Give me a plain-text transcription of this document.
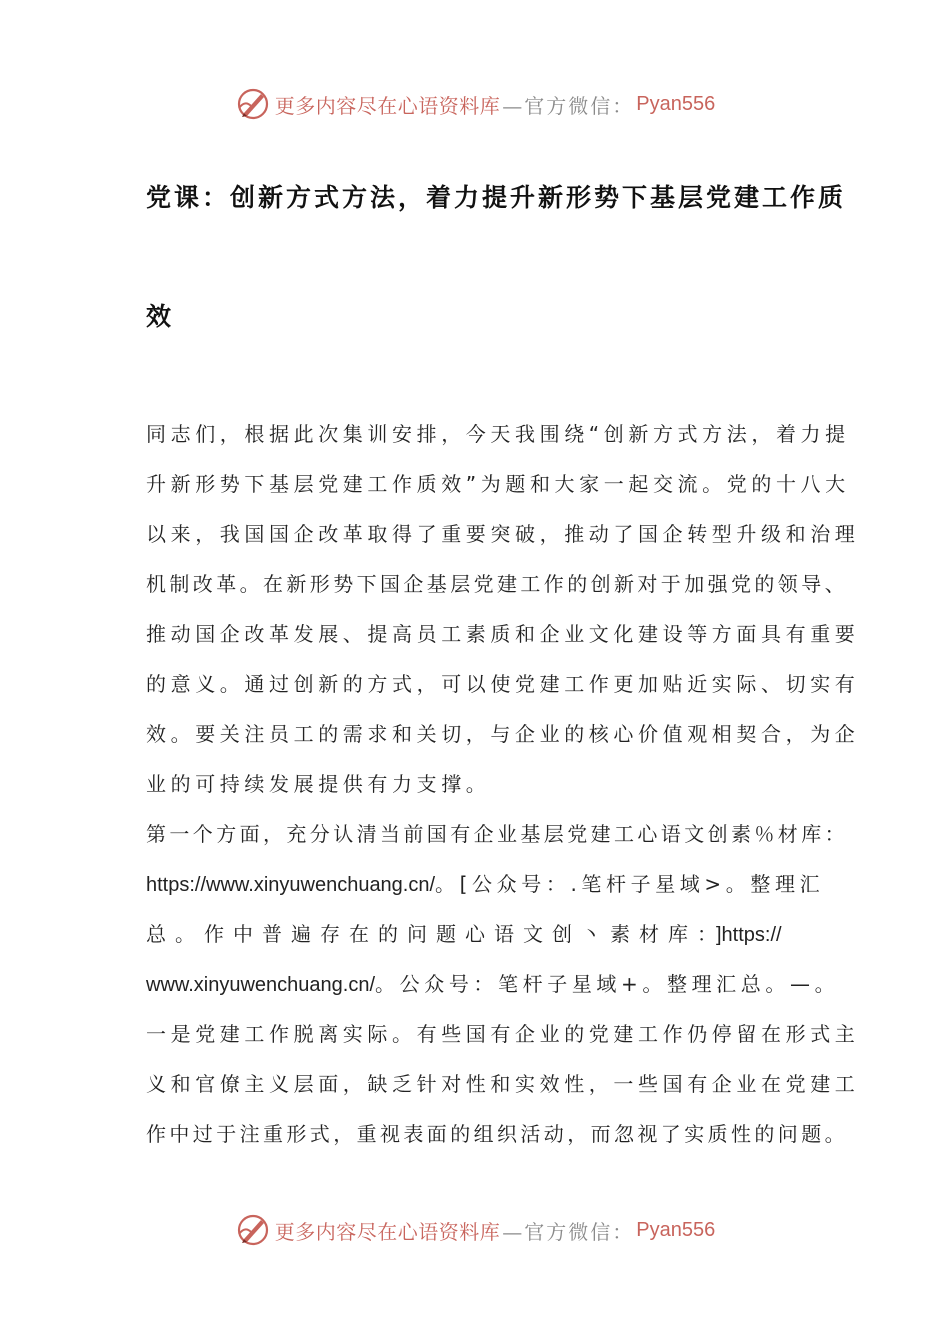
更多内容尽在心语资料库 —官方微信： Pyan556
党课：创新方式方法，着力提升新形势下基层党建工作质
效
同志们，根据此次集训安排，今天我围绕“创新方式方法，着力提
升新形势下基层党建工作质效”为题和大家一起交流。党的十八大
以来，我国国企改革取得了重要突破，推动了国企转型升级和治理
机制改革。在新形势下国企基层党建工作的创新对于加强党的领导、
推动国企改革发展、提高员工素质和企业文化建设等方面具有重要
的意义。通过创新的方式，可以使党建工作更加贴近实际、切实有
效。要关注员工的需求和关切，与企业的核心价值观相契合，为企
业的可持续发展提供有力支撑。
第一个方面，充分认清当前国有企业基层党建工心语文创素％材库：
https://www.xinyuwenchuang.cn/。[公众号：.笔杆子星域>。整理汇
总。作中普遍存在的问题心语文创丶素材库：]https://
www.xinyuwenchuang.cn/。公众号：笔杆子星域+。整理汇总。—。
一是党建工作脱离实际。有些国有企业的党建工作仍停留在形式主
义和官僚主义层面，缺乏针对性和实效性，一些国有企业在党建工
作中过于注重形式，重视表面的组织活动，而忽视了实质性的问题。
更多内容尽在心语资料库 —官方微信： Pyan556
